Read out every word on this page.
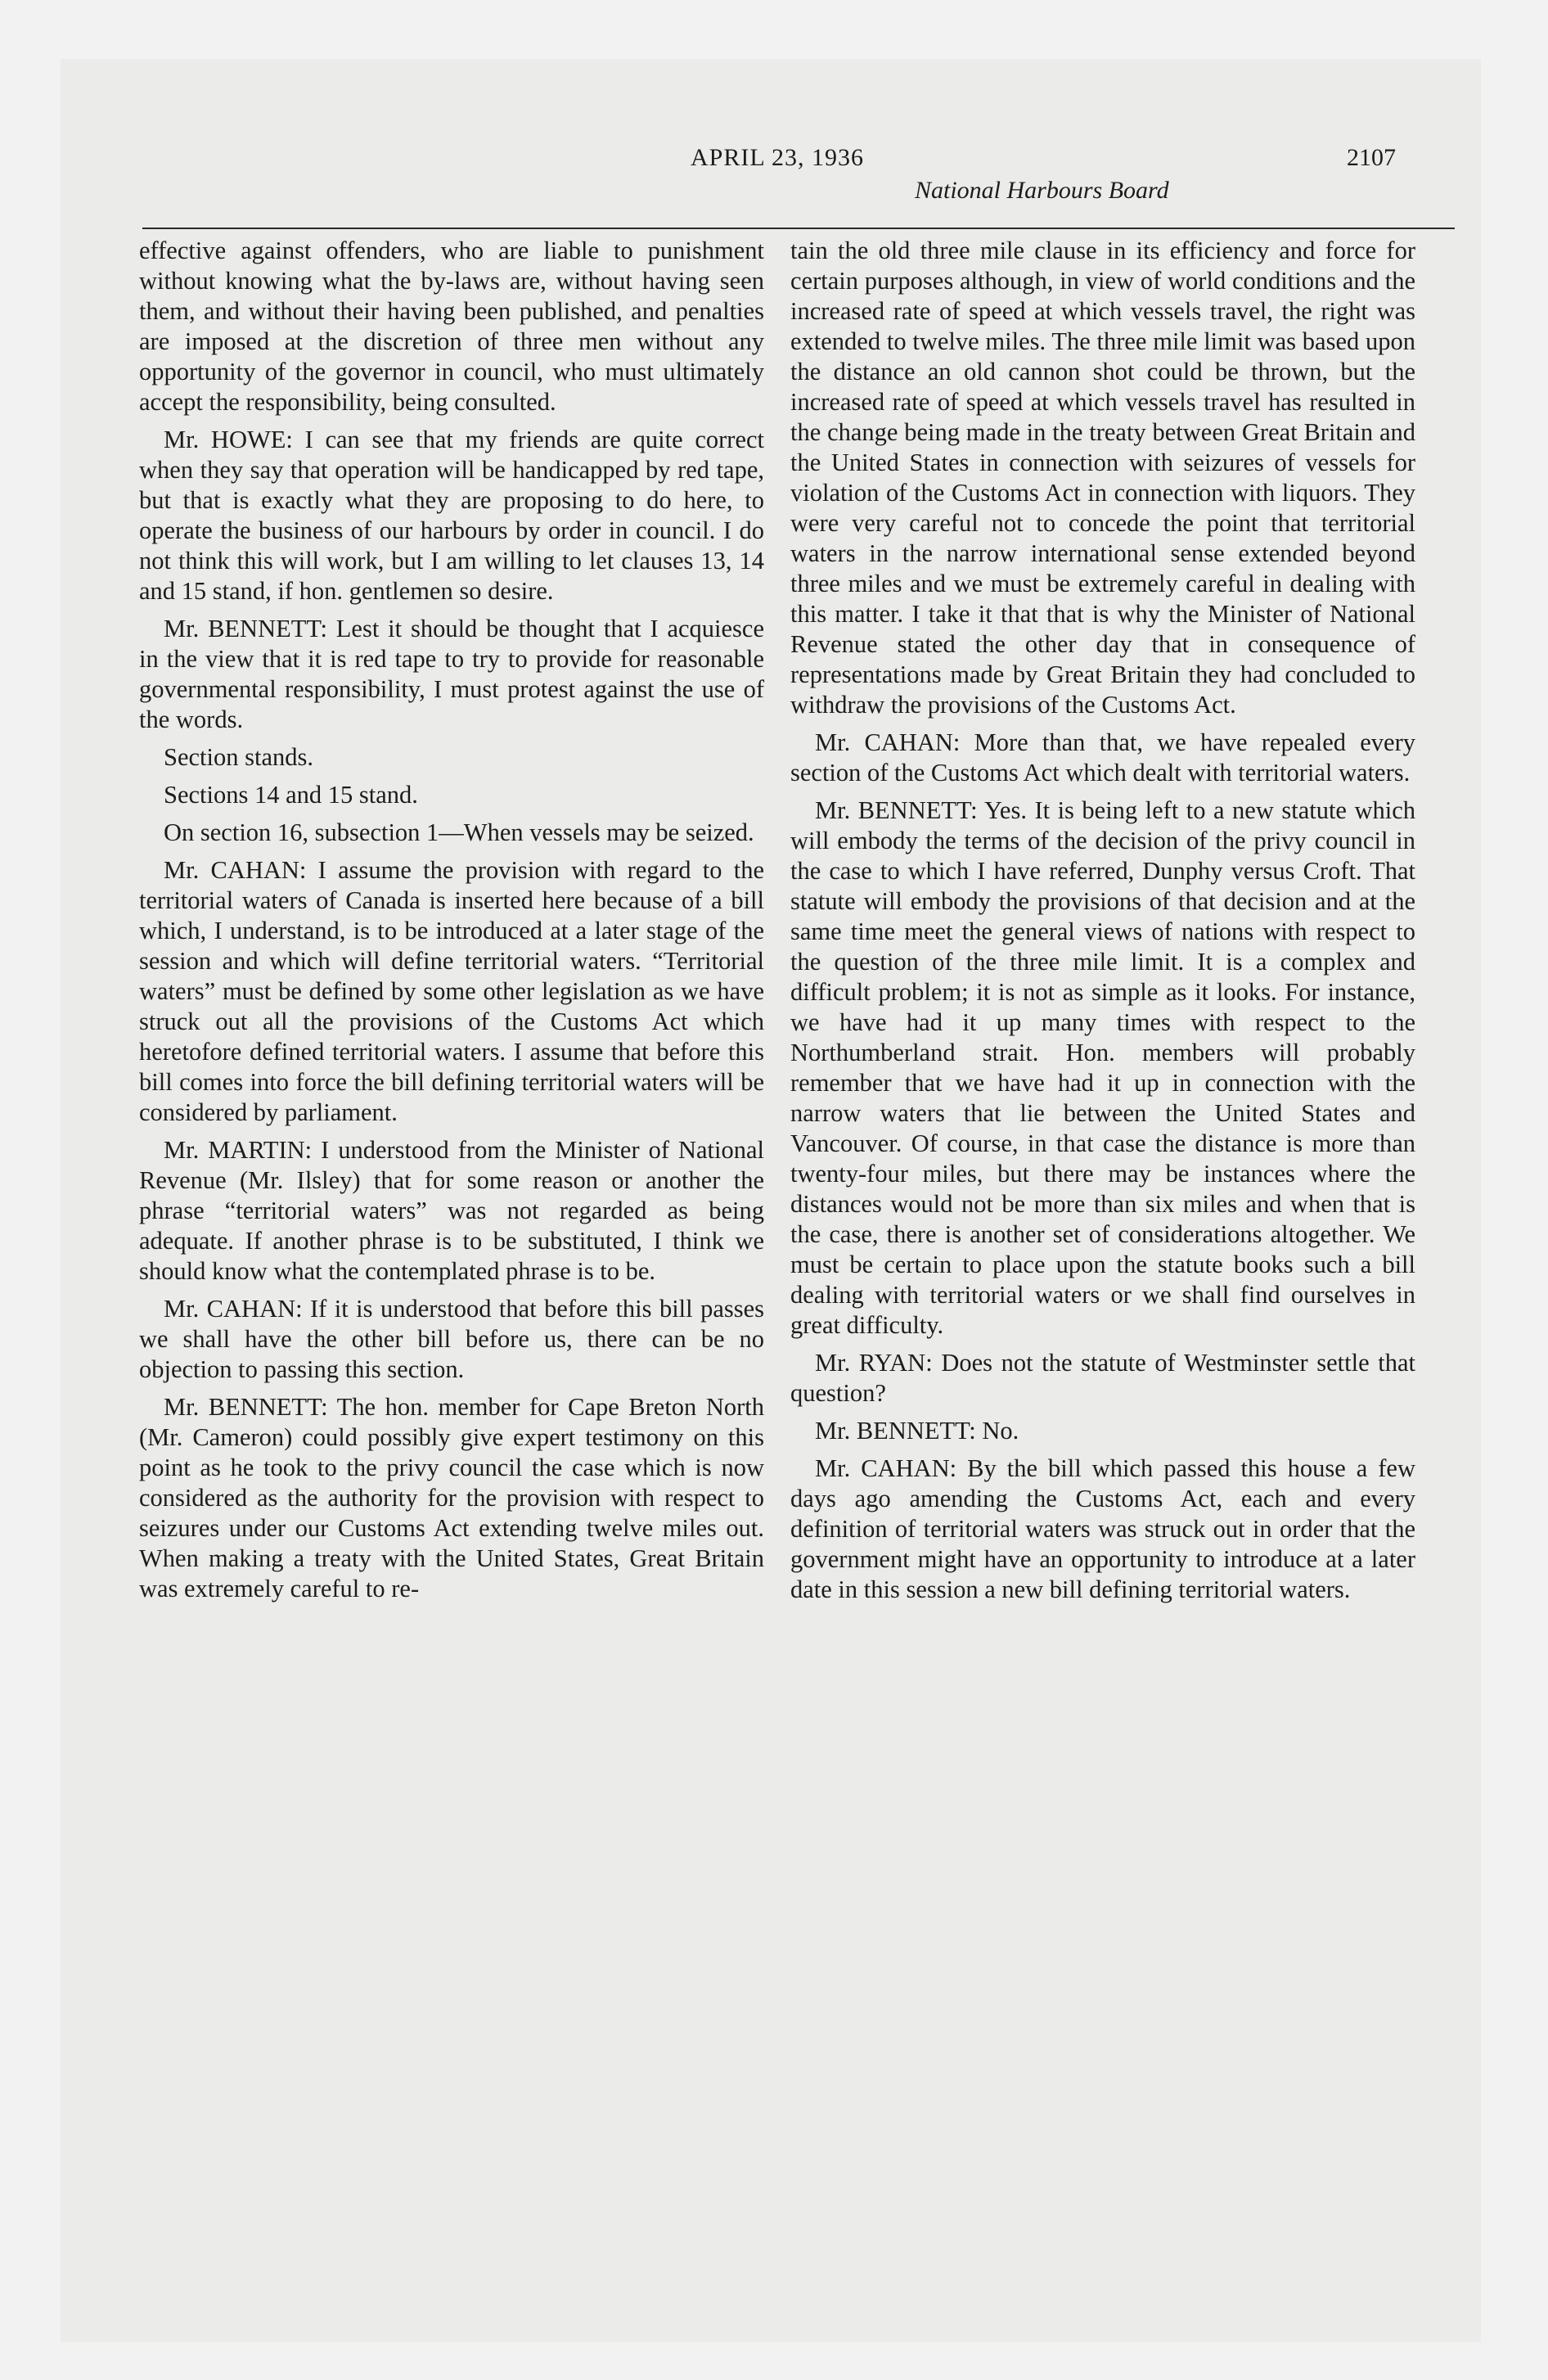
APRIL 23, 1936
National Harbours Board
2107

effective against offenders, who are liable to punishment without knowing what the by-laws are, without having seen them, and without their having been published, and penalties are imposed at the discretion of three men without any opportunity of the governor in council, who must ultimately accept the responsibility, being consulted.

Mr. HOWE: I can see that my friends are quite correct when they say that operation will be handicapped by red tape, but that is exactly what they are proposing to do here, to operate the business of our harbours by order in council. I do not think this will work, but I am willing to let clauses 13, 14 and 15 stand, if hon. gentlemen so desire.

Mr. BENNETT: Lest it should be thought that I acquiesce in the view that it is red tape to try to provide for reasonable governmental responsibility, I must protest against the use of the words.

Section stands.

Sections 14 and 15 stand.

On section 16, subsection 1—When vessels may be seized.

Mr. CAHAN: I assume the provision with regard to the territorial waters of Canada is inserted here because of a bill which, I understand, is to be introduced at a later stage of the session and which will define territorial waters. “Territorial waters” must be defined by some other legislation as we have struck out all the provisions of the Customs Act which heretofore defined territorial waters. I assume that before this bill comes into force the bill defining territorial waters will be considered by parliament.

Mr. MARTIN: I understood from the Minister of National Revenue (Mr. Ilsley) that for some reason or another the phrase “territorial waters” was not regarded as being adequate. If another phrase is to be substituted, I think we should know what the contemplated phrase is to be.

Mr. CAHAN: If it is understood that before this bill passes we shall have the other bill before us, there can be no objection to passing this section.

Mr. BENNETT: The hon. member for Cape Breton North (Mr. Cameron) could possibly give expert testimony on this point as he took to the privy council the case which is now considered as the authority for the provision with respect to seizures under our Customs Act extending twelve miles out. When making a treaty with the United States, Great Britain was extremely careful to re-

tain the old three mile clause in its efficiency and force for certain purposes although, in view of world conditions and the increased rate of speed at which vessels travel, the right was extended to twelve miles. The three mile limit was based upon the distance an old cannon shot could be thrown, but the increased rate of speed at which vessels travel has resulted in the change being made in the treaty between Great Britain and the United States in connection with seizures of vessels for violation of the Customs Act in connection with liquors. They were very careful not to concede the point that territorial waters in the narrow international sense extended beyond three miles and we must be extremely careful in dealing with this matter. I take it that that is why the Minister of National Revenue stated the other day that in consequence of representations made by Great Britain they had concluded to withdraw the provisions of the Customs Act.

Mr. CAHAN: More than that, we have repealed every section of the Customs Act which dealt with territorial waters.

Mr. BENNETT: Yes. It is being left to a new statute which will embody the terms of the decision of the privy council in the case to which I have referred, Dunphy versus Croft. That statute will embody the provisions of that decision and at the same time meet the general views of nations with respect to the question of the three mile limit. It is a complex and difficult problem; it is not as simple as it looks. For instance, we have had it up many times with respect to the Northumberland strait. Hon. members will probably remember that we have had it up in connection with the narrow waters that lie between the United States and Vancouver. Of course, in that case the distance is more than twenty-four miles, but there may be instances where the distances would not be more than six miles and when that is the case, there is another set of considerations altogether. We must be certain to place upon the statute books such a bill dealing with territorial waters or we shall find ourselves in great difficulty.

Mr. RYAN: Does not the statute of Westminster settle that question?

Mr. BENNETT: No.

Mr. CAHAN: By the bill which passed this house a few days ago amending the Customs Act, each and every definition of territorial waters was struck out in order that the government might have an opportunity to introduce at a later date in this session a new bill defining territorial waters.
